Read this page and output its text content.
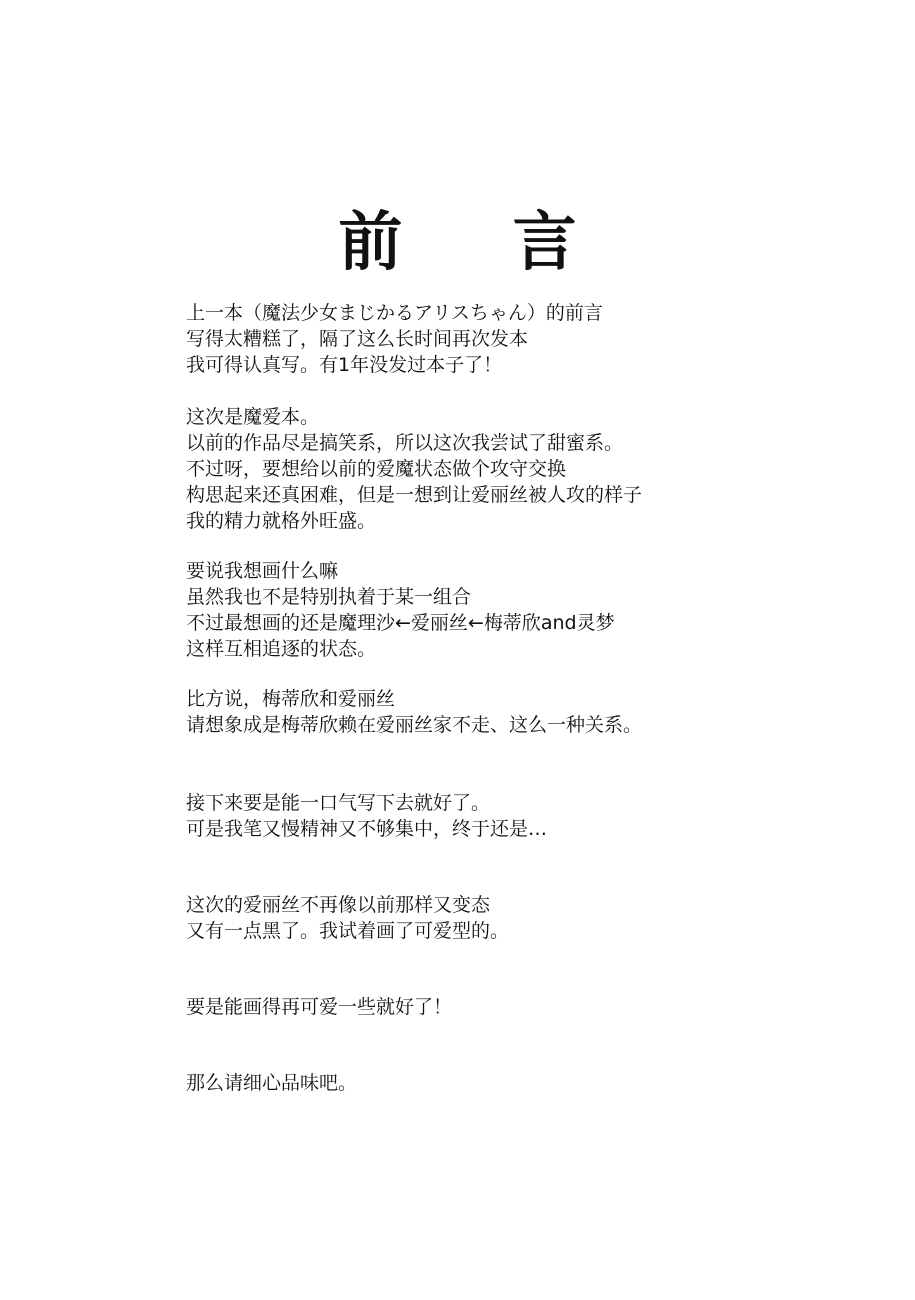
前 言
上一本（魔法少女まじかるアリスちゃん）的前言
写得太糟糕了，隔了这么长时间再次发本
我可得认真写。有1年没发过本子了！
这次是魔爱本。
以前的作品尽是搞笑系，所以这次我尝试了甜蜜系。
不过呀，要想给以前的爱魔状态做个攻守交换
构思起来还真困难，但是一想到让爱丽丝被人攻的样子
我的精力就格外旺盛。
要说我想画什么嘛
虽然我也不是特别执着于某一组合
不过最想画的还是魔理沙←爱丽丝←梅蒂欣and灵梦
这样互相追逐的状态。
比方说，梅蒂欣和爱丽丝
请想象成是梅蒂欣赖在爱丽丝家不走、这么一种关系。
接下来要是能一口气写下去就好了。
可是我笔又慢精神又不够集中，终于还是…
这次的爱丽丝不再像以前那样又变态
又有一点黑了。我试着画了可爱型的。
要是能画得再可爱一些就好了！
那么请细心品味吧。
